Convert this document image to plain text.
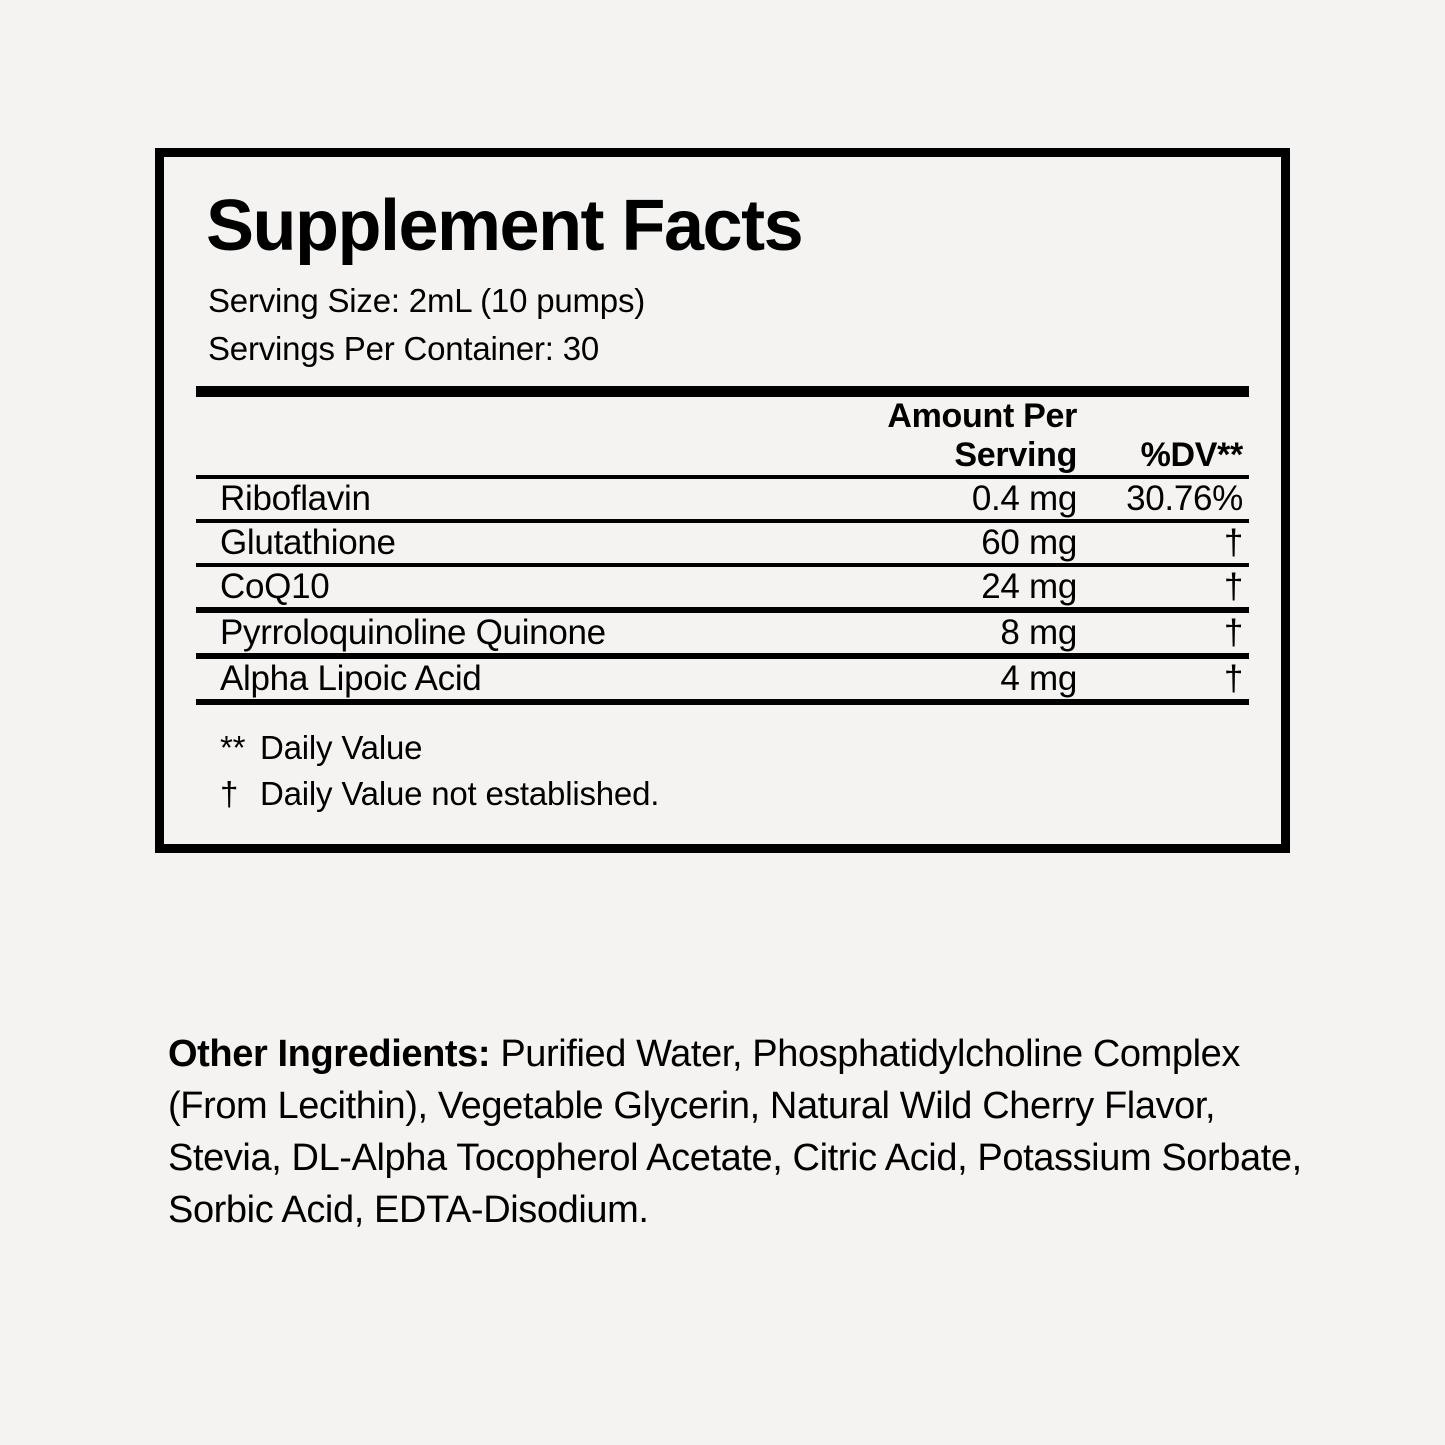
Supplement Facts
Serving Size: 2mL (10 pumps)
Servings Per Container: 30
	Amount Per Serving	%DV**

Riboflavin	0.4 mg	30.76%

Glutathione	60 mg	†

CoQ10	24 mg	†

Pyrroloquinoline Quinone	8 mg	†

Alpha Lipoic Acid	4 mg	†

** Daily Value
† Daily Value not established.
Other Ingredients: Purified Water, Phosphatidylcholine Complex (From Lecithin), Vegetable Glycerin, Natural Wild Cherry Flavor, Stevia, DL-Alpha Tocopherol Acetate, Citric Acid, Potassium Sorbate, Sorbic Acid, EDTA-Disodium.
